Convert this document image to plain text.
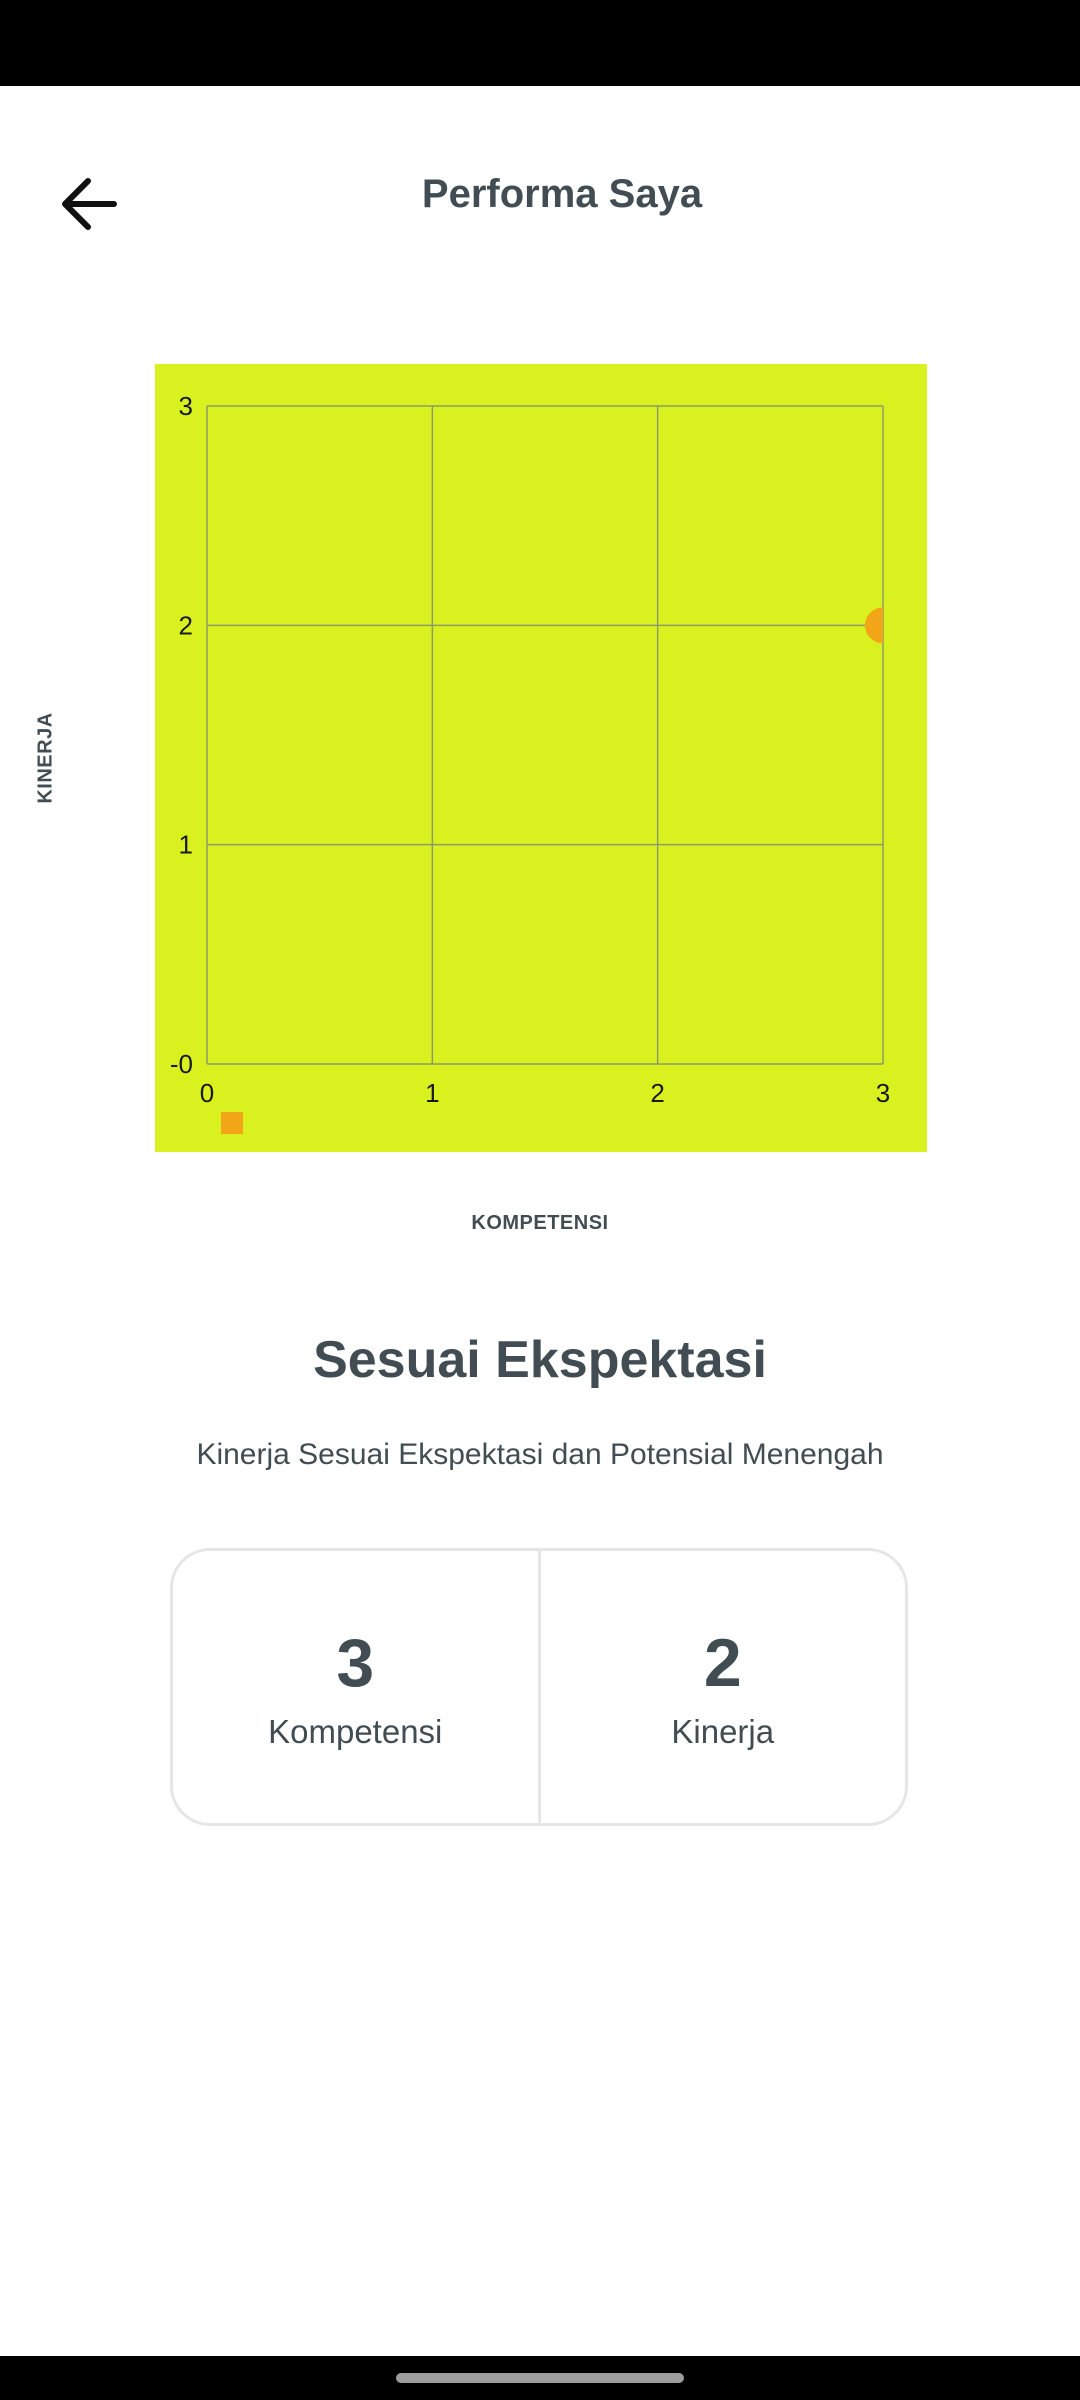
Performa Saya
KINERJA
0	1	2	3
-0
1
2
3
KOMPETENSI
Sesuai Ekspektasi
Kinerja Sesuai Ekspektasi dan Potensial Menengah
3
Kompetensi
2
Kinerja
